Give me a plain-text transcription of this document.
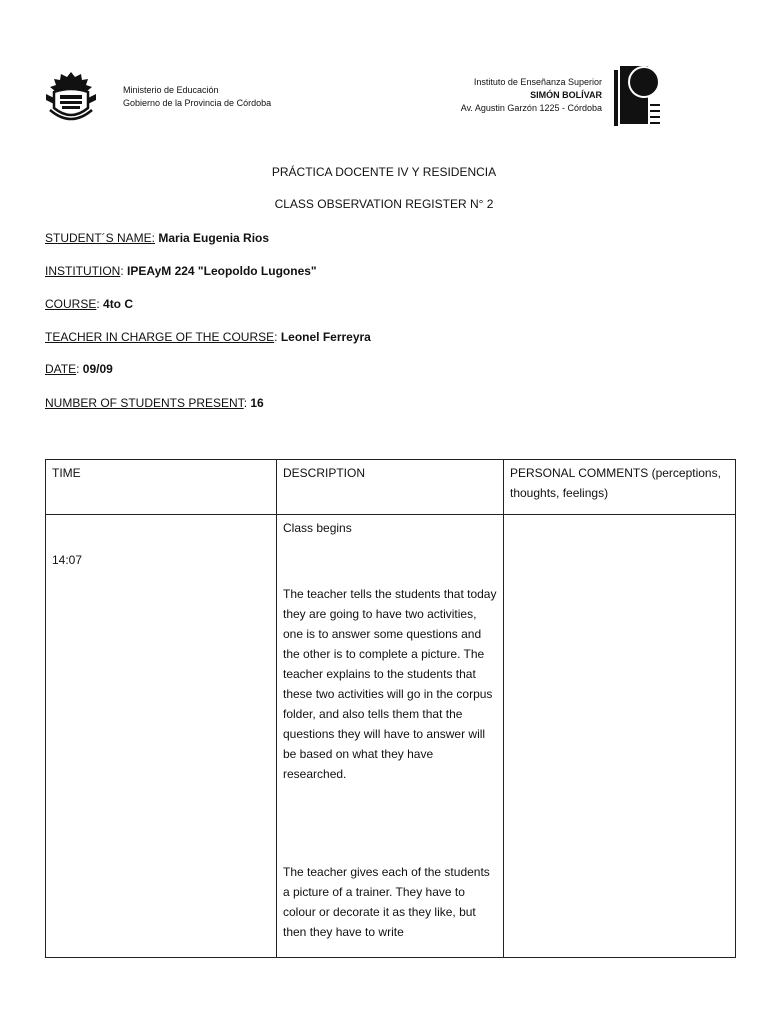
Ministerio de Educación
Gobierno de la Provincia de Córdoba
Instituto de Enseñanza Superior
SIMÓN BOLÍVAR
Av. Agustin Garzón 1225 - Córdoba
PRÁCTICA DOCENTE IV Y RESIDENCIA
CLASS OBSERVATION REGISTER N° 2
STUDENT´S NAME: Maria Eugenia Rios
INSTITUTION: IPEAyM 224 "Leopoldo Lugones"
COURSE: 4to C
TEACHER IN CHARGE OF THE COURSE: Leonel Ferreyra
DATE: 09/09
NUMBER OF STUDENTS PRESENT: 16
TIME	DESCRIPTION	PERSONAL COMMENTS (perceptions, thoughts, feelings)

14:07	Class begins
The teacher tells the students that today they are going to have two activities, one is to answer some questions and the other is to complete a picture. The teacher explains to the students that these two activities will go in the corpus folder, and also tells them that the questions they will have to answer will be based on what they have researched.
The teacher gives each of the students a picture of a trainer. They have to colour or decorate it as they like, but then they have to write	
